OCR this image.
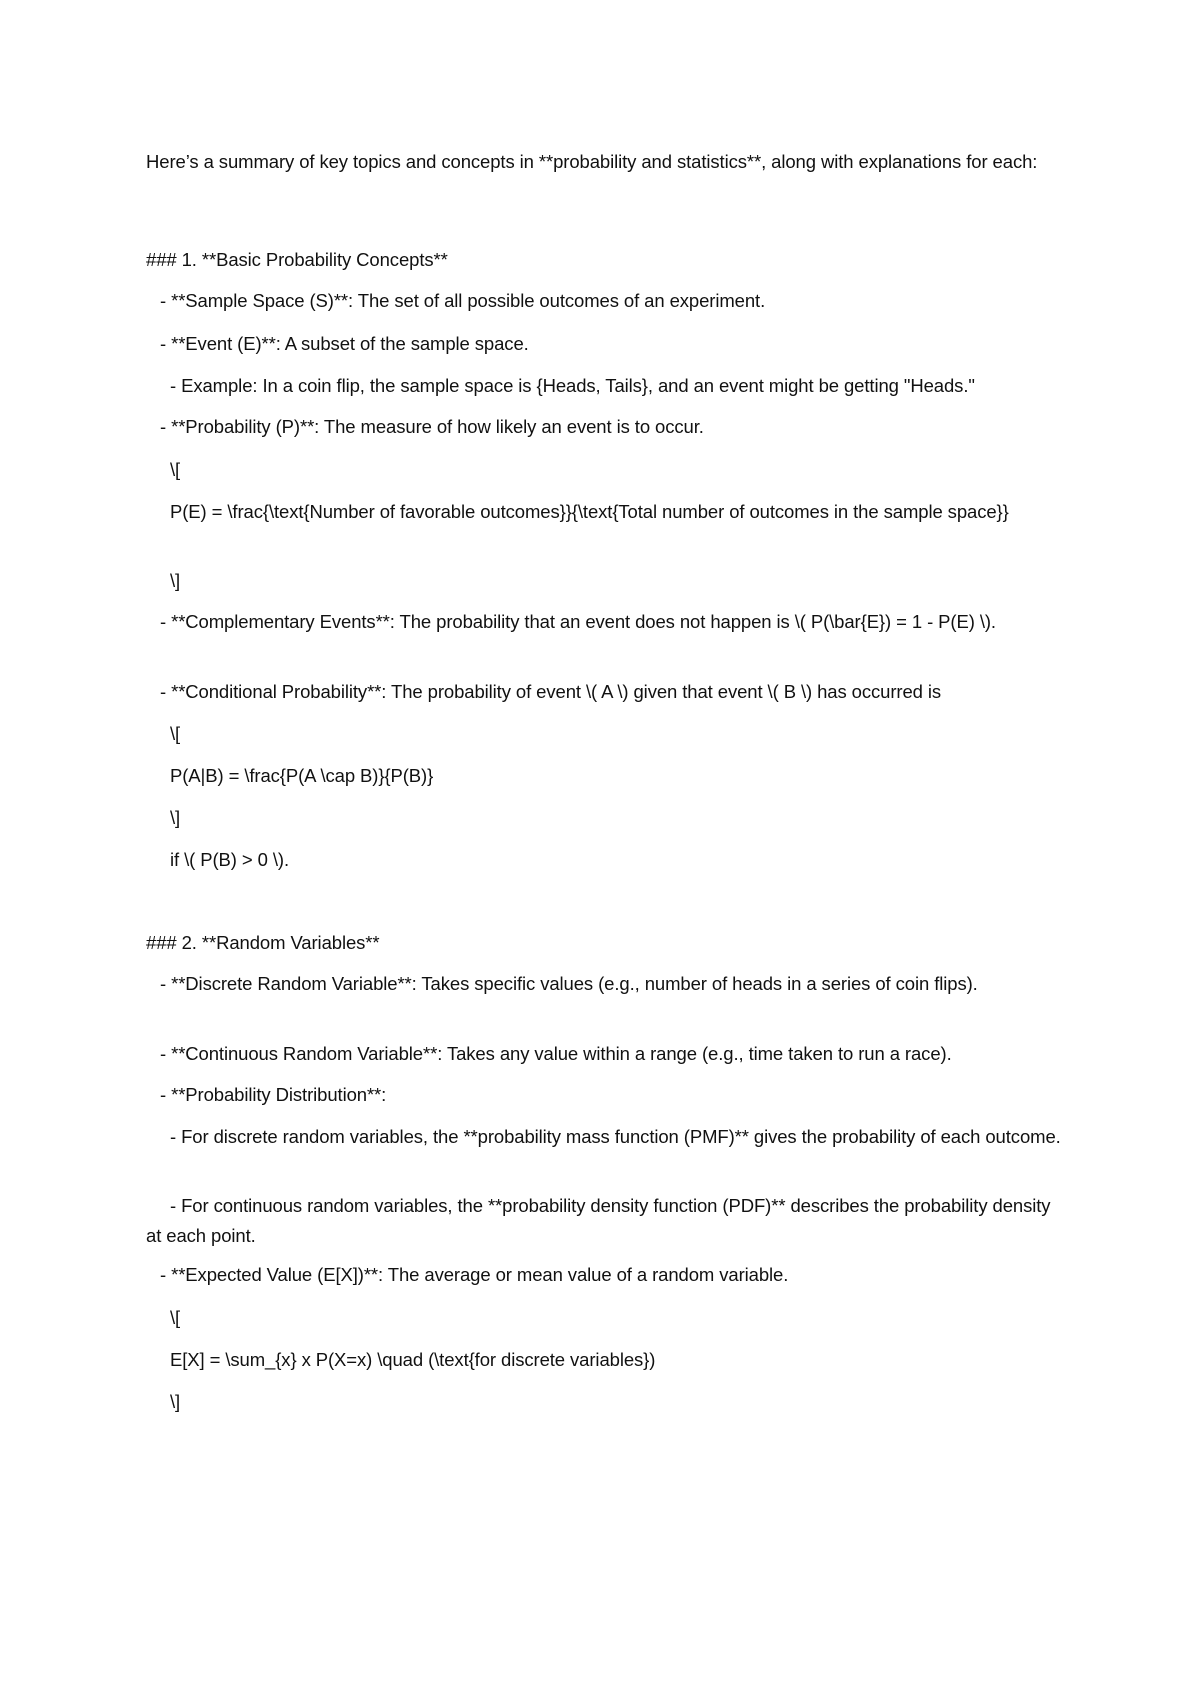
Here’s a summary of key topics and concepts in **probability and statistics**, along with explanations for each:
### 1. **Basic Probability Concepts**
- **Sample Space (S)**: The set of all possible outcomes of an experiment.
- **Event (E)**: A subset of the sample space.
- Example: In a coin flip, the sample space is {Heads, Tails}, and an event might be getting "Heads."
- **Probability (P)**: The measure of how likely an event is to occur.
\[
P(E) = \frac{\text{Number of favorable outcomes}}{\text{Total number of outcomes in the sample space}}
\]
- **Complementary Events**: The probability that an event does not happen is \( P(\bar{E}) = 1 - P(E) \).
- **Conditional Probability**: The probability of event \( A \) given that event \( B \) has occurred is
\[
P(A|B) = \frac{P(A \cap B)}{P(B)}
\]
if \( P(B) > 0 \).
### 2. **Random Variables**
- **Discrete Random Variable**: Takes specific values (e.g., number of heads in a series of coin flips).
- **Continuous Random Variable**: Takes any value within a range (e.g., time taken to run a race).
- **Probability Distribution**:
- For discrete random variables, the **probability mass function (PMF)** gives the probability of each outcome.
- For continuous random variables, the **probability density function (PDF)** describes the probability density at each point.
- **Expected Value (E[X])**: The average or mean value of a random variable.
\[
E[X] = \sum_{x} x P(X=x) \quad (\text{for discrete variables})
\]
